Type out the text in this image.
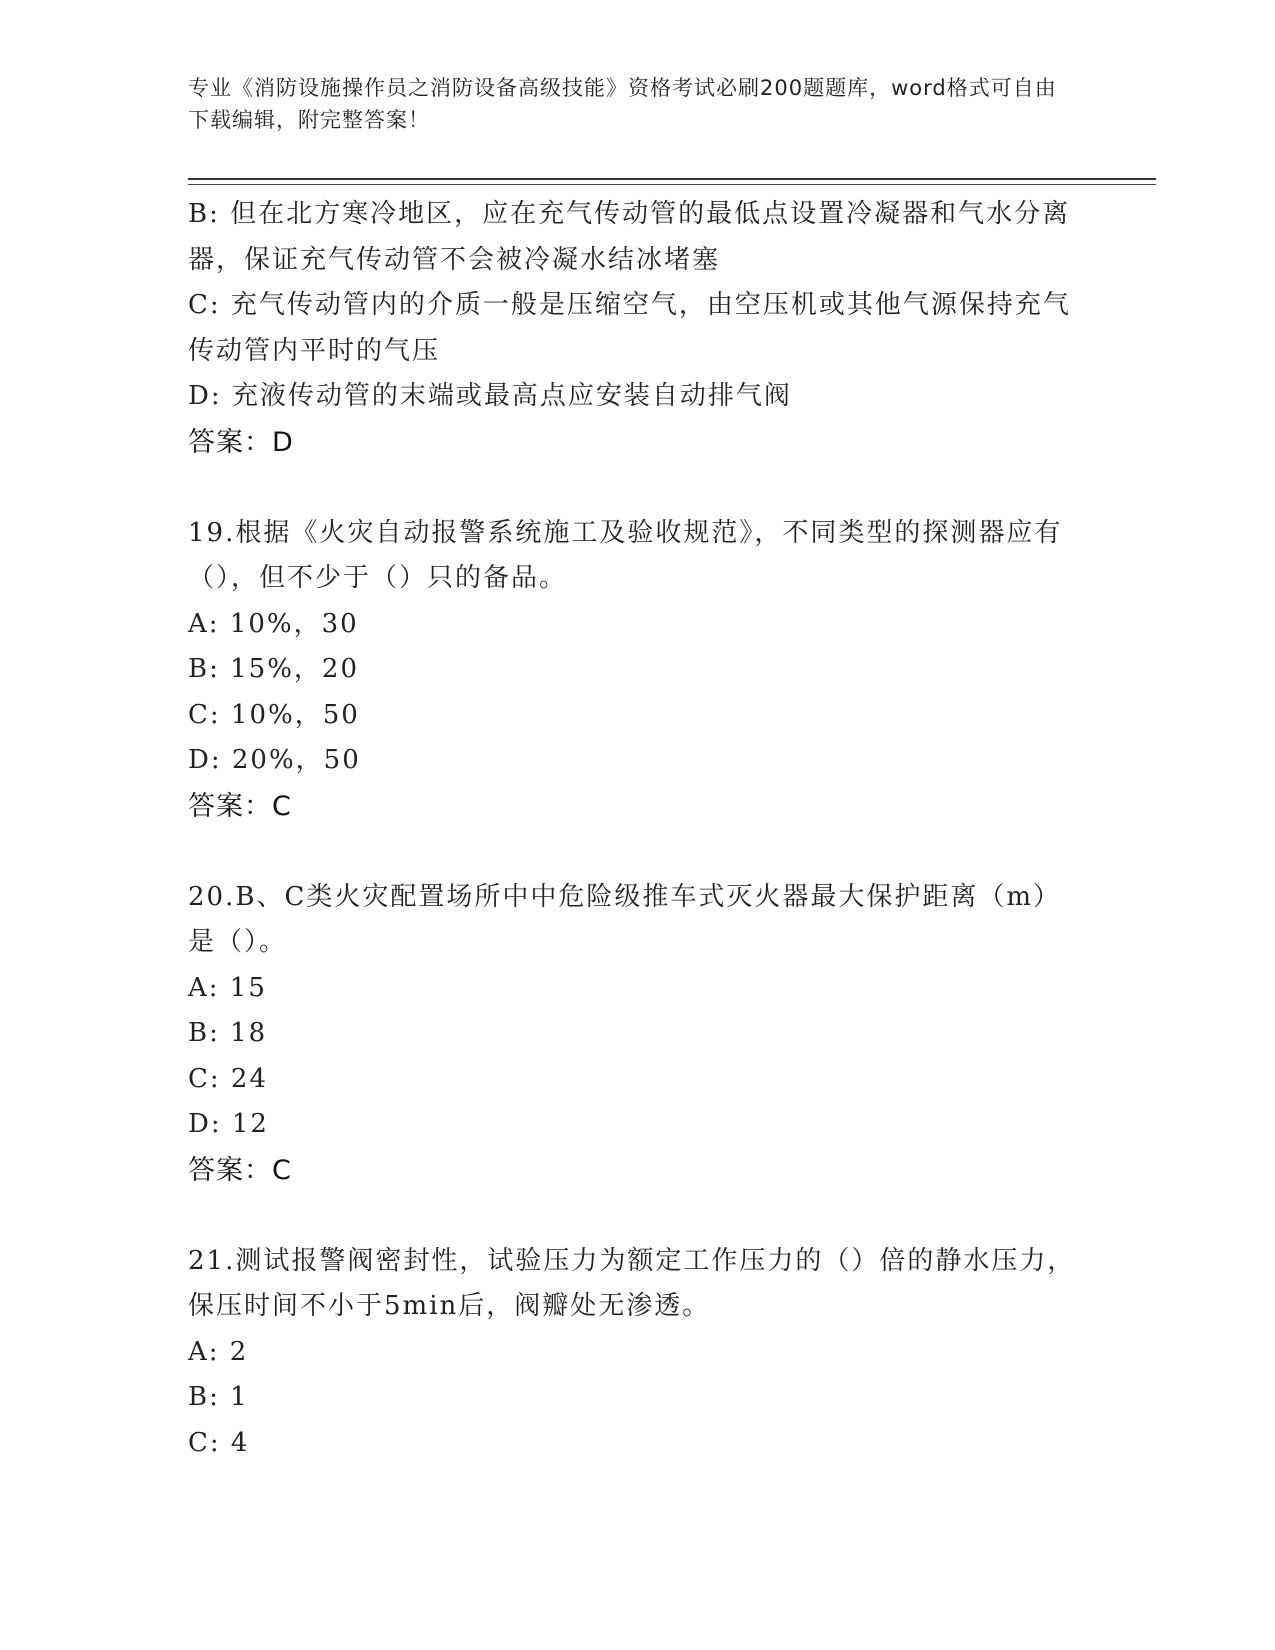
专业《消防设施操作员之消防设备高级技能》资格考试必刷200题题库，word格式可自由下载编辑，附完整答案！

B: 但在北方寒冷地区，应在充气传动管的最低点设置冷凝器和气水分离器，保证充气传动管不会被冷凝水结冰堵塞

C: 充气传动管内的介质一般是压缩空气，由空压机或其他气源保持充气传动管内平时的气压

D: 充液传动管的末端或最高点应安装自动排气阀

答案：D

19.根据《火灾自动报警系统施工及验收规范》，不同类型的探测器应有（），但不少于（）只的备品。

A: 10%，30

B: 15%，20

C: 10%，50

D: 20%，50

答案：C

20.B、C类火灾配置场所中中危险级推车式灭火器最大保护距离（m）是（）。

A: 15

B: 18

C: 24

D: 12

答案：C

21.测试报警阀密封性，试验压力为额定工作压力的（）倍的静水压力，保压时间不小于5min后，阀瓣处无渗透。

A: 2

B: 1

C: 4
